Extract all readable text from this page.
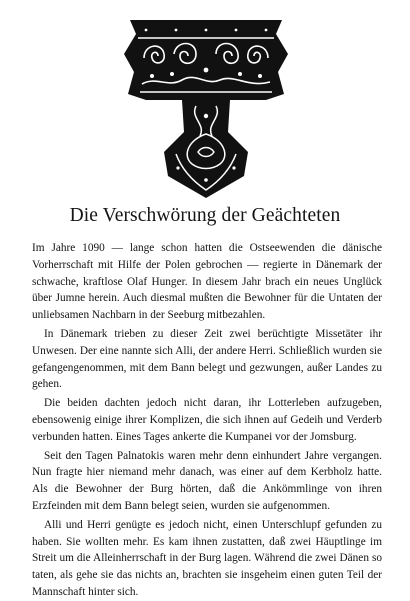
Die Verschwörung der Geächteten

Im Jahre 1090 — lange schon hatten die Ostseewenden die dänische Vorherrschaft mit Hilfe der Polen gebrochen — regierte in Dänemark der schwache, kraftlose Olaf Hunger. In diesem Jahr brach ein neues Unglück über Jumne herein. Auch diesmal mußten die Bewohner für die Untaten der unliebsamen Nachbarn in der Seeburg mitbezahlen.

In Dänemark trieben zu dieser Zeit zwei berüchtigte Missetäter ihr Unwesen. Der eine nannte sich Alli, der andere Herri. Schließlich wurden sie gefangengenommen, mit dem Bann belegt und gezwungen, außer Landes zu gehen.

Die beiden dachten jedoch nicht daran, ihr Lotterleben aufzugeben, ebensowenig einige ihrer Komplizen, die sich ihnen auf Gedeih und Verderb verbunden hatten. Eines Tages ankerte die Kumpanei vor der Jomsburg.

Seit den Tagen Palnatokis waren mehr denn einhundert Jahre vergangen. Nun fragte hier niemand mehr danach, was einer auf dem Kerbholz hatte. Als die Bewohner der Burg hörten, daß die Ankömmlinge von ihren Erzfeinden mit dem Bann belegt seien, wurden sie aufgenommen.

Alli und Herri genügte es jedoch nicht, einen Unterschlupf gefunden zu haben. Sie wollten mehr. Es kam ihnen zustatten, daß zwei Häuptlinge im Streit um die Alleinherrschaft in der Burg lagen. Während die zwei Dänen so taten, als gehe sie das nichts an, brachten sie insgeheim einen guten Teil der Mannschaft hinter sich.
